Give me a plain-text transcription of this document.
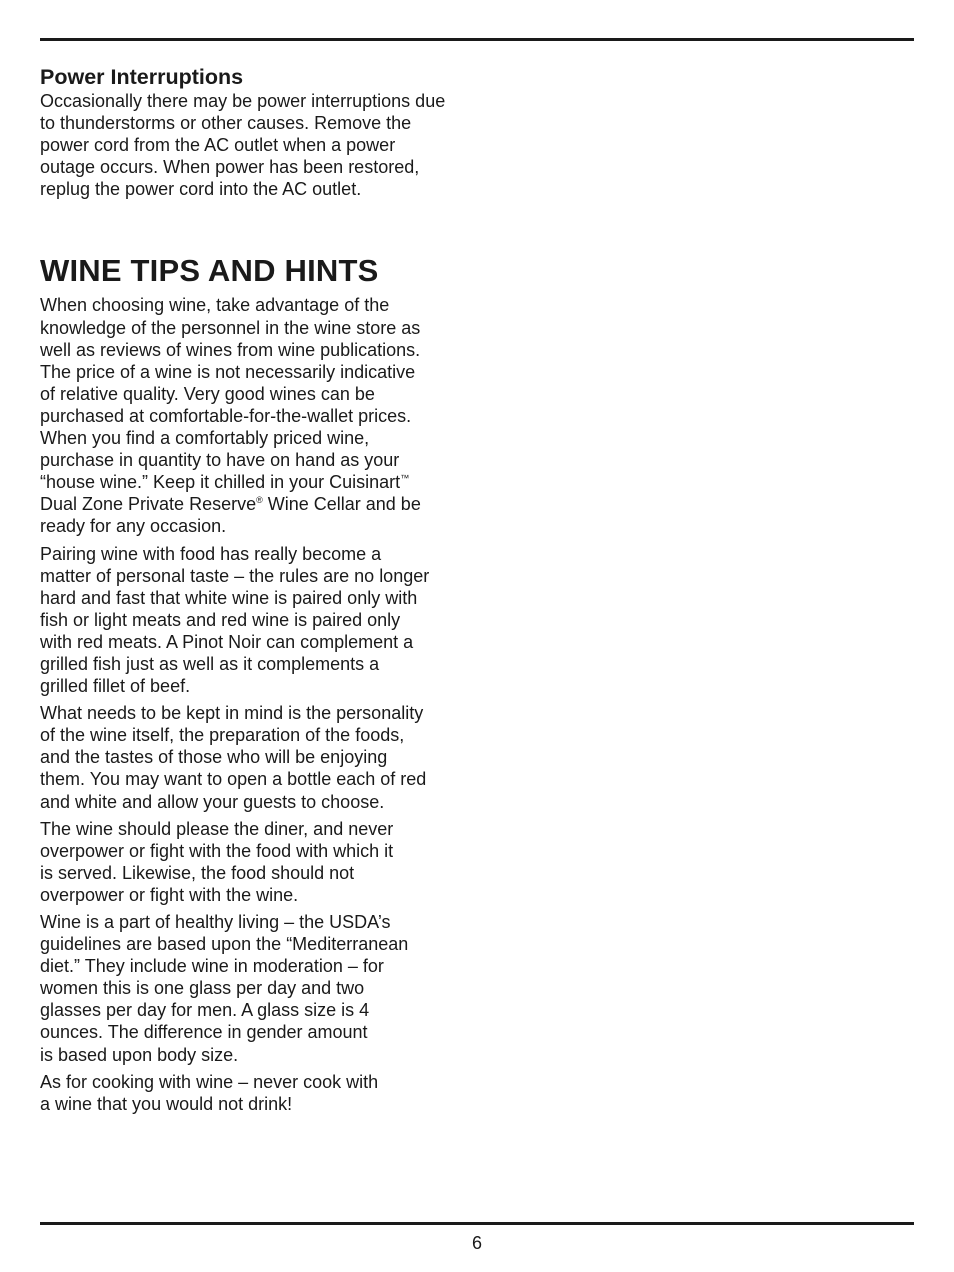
Power Interruptions

Occasionally there may be power interruptions due
to thunderstorms or other causes. Remove the
power cord from the AC outlet when a power
outage occurs. When power has been restored,
replug the power cord into the AC outlet.

WINE TIPS AND HINTS

When choosing wine, take advantage of the
knowledge of the personnel in the wine store as
well as reviews of wines from wine publications.
The price of a wine is not necessarily indicative
of relative quality. Very good wines can be
purchased at comfortable-for-the-wallet prices.
When you find a comfortably priced wine,
purchase in quantity to have on hand as your
“house wine.” Keep it chilled in your Cuisinart™
Dual Zone Private Reserve® Wine Cellar and be
ready for any occasion.

Pairing wine with food has really become a
matter of personal taste – the rules are no longer
hard and fast that white wine is paired only with
fish or light meats and red wine is paired only
with red meats. A Pinot Noir can complement a
grilled fish just as well as it complements a
grilled fillet of beef.

What needs to be kept in mind is the personality
of the wine itself, the preparation of the foods,
and the tastes of those who will be enjoying
them. You may want to open a bottle each of red
and white and allow your guests to choose.

The wine should please the diner, and never
overpower or fight with the food with which it
is served. Likewise, the food should not
overpower or fight with the wine.

Wine is a part of healthy living – the USDA’s
guidelines are based upon the “Mediterranean
diet.” They include wine in moderation – for
women this is one glass per day and two
glasses per day for men. A glass size is 4
ounces. The difference in gender amount
is based upon body size.

As for cooking with wine – never cook with
a wine that you would not drink!

6
